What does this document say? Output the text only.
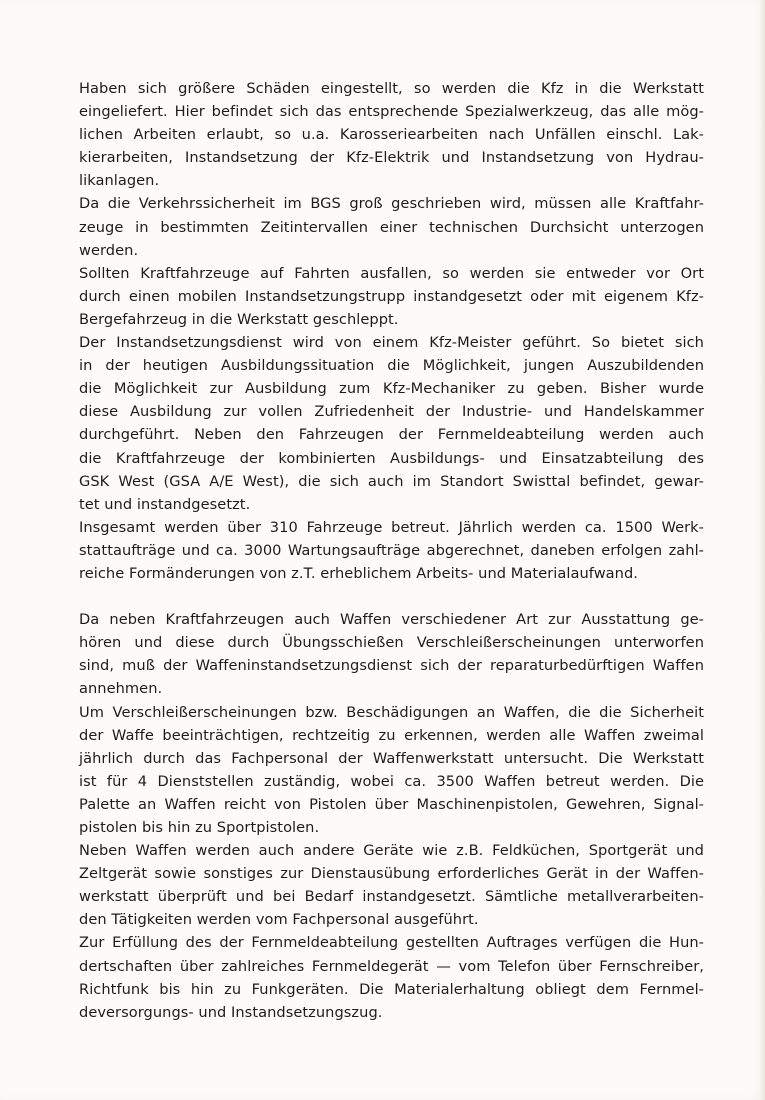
Haben sich größere Schäden eingestellt, so werden die Kfz in die Werkstatt
eingeliefert. Hier befindet sich das entsprechende Spezialwerkzeug, das alle mög-
lichen Arbeiten erlaubt, so u.a. Karosseriearbeiten nach Unfällen einschl. Lak-
kierarbeiten, Instandsetzung der Kfz-Elektrik und Instandsetzung von Hydrau-
likanlagen.
Da die Verkehrssicherheit im BGS groß geschrieben wird, müssen alle Kraftfahr-
zeuge in bestimmten Zeitintervallen einer technischen Durchsicht unterzogen
werden.
Sollten Kraftfahrzeuge auf Fahrten ausfallen, so werden sie entweder vor Ort
durch einen mobilen Instandsetzungstrupp instandgesetzt oder mit eigenem Kfz-
Bergefahrzeug in die Werkstatt geschleppt.
Der Instandsetzungsdienst wird von einem Kfz-Meister geführt. So bietet sich
in der heutigen Ausbildungssituation die Möglichkeit, jungen Auszubildenden
die Möglichkeit zur Ausbildung zum Kfz-Mechaniker zu geben. Bisher wurde
diese Ausbildung zur vollen Zufriedenheit der Industrie- und Handelskammer
durchgeführt. Neben den Fahrzeugen der Fernmeldeabteilung werden auch
die Kraftfahrzeuge der kombinierten Ausbildungs- und Einsatzabteilung des
GSK West (GSA A/E West), die sich auch im Standort Swisttal befindet, gewar-
tet und instandgesetzt.
Insgesamt werden über 310 Fahrzeuge betreut. Jährlich werden ca. 1500 Werk-
stattaufträge und ca. 3000 Wartungsaufträge abgerechnet, daneben erfolgen zahl-
reiche Formänderungen von z.T. erheblichem Arbeits- und Materialaufwand.
Da neben Kraftfahrzeugen auch Waffen verschiedener Art zur Ausstattung ge-
hören und diese durch Übungsschießen Verschleißerscheinungen unterworfen
sind, muß der Waffeninstandsetzungsdienst sich der reparaturbedürftigen Waffen
annehmen.
Um Verschleißerscheinungen bzw. Beschädigungen an Waffen, die die Sicherheit
der Waffe beeinträchtigen, rechtzeitig zu erkennen, werden alle Waffen zweimal
jährlich durch das Fachpersonal der Waffenwerkstatt untersucht. Die Werkstatt
ist für 4 Dienststellen zuständig, wobei ca. 3500 Waffen betreut werden. Die
Palette an Waffen reicht von Pistolen über Maschinenpistolen, Gewehren, Signal-
pistolen bis hin zu Sportpistolen.
Neben Waffen werden auch andere Geräte wie z.B. Feldküchen, Sportgerät und
Zeltgerät sowie sonstiges zur Dienstausübung erforderliches Gerät in der Waffen-
werkstatt überprüft und bei Bedarf instandgesetzt. Sämtliche metallverarbeiten-
den Tätigkeiten werden vom Fachpersonal ausgeführt.
Zur Erfüllung des der Fernmeldeabteilung gestellten Auftrages verfügen die Hun-
dertschaften über zahlreiches Fernmeldegerät — vom Telefon über Fernschreiber,
Richtfunk bis hin zu Funkgeräten. Die Materialerhaltung obliegt dem Fernmel-
deversorgungs- und Instandsetzungszug.
